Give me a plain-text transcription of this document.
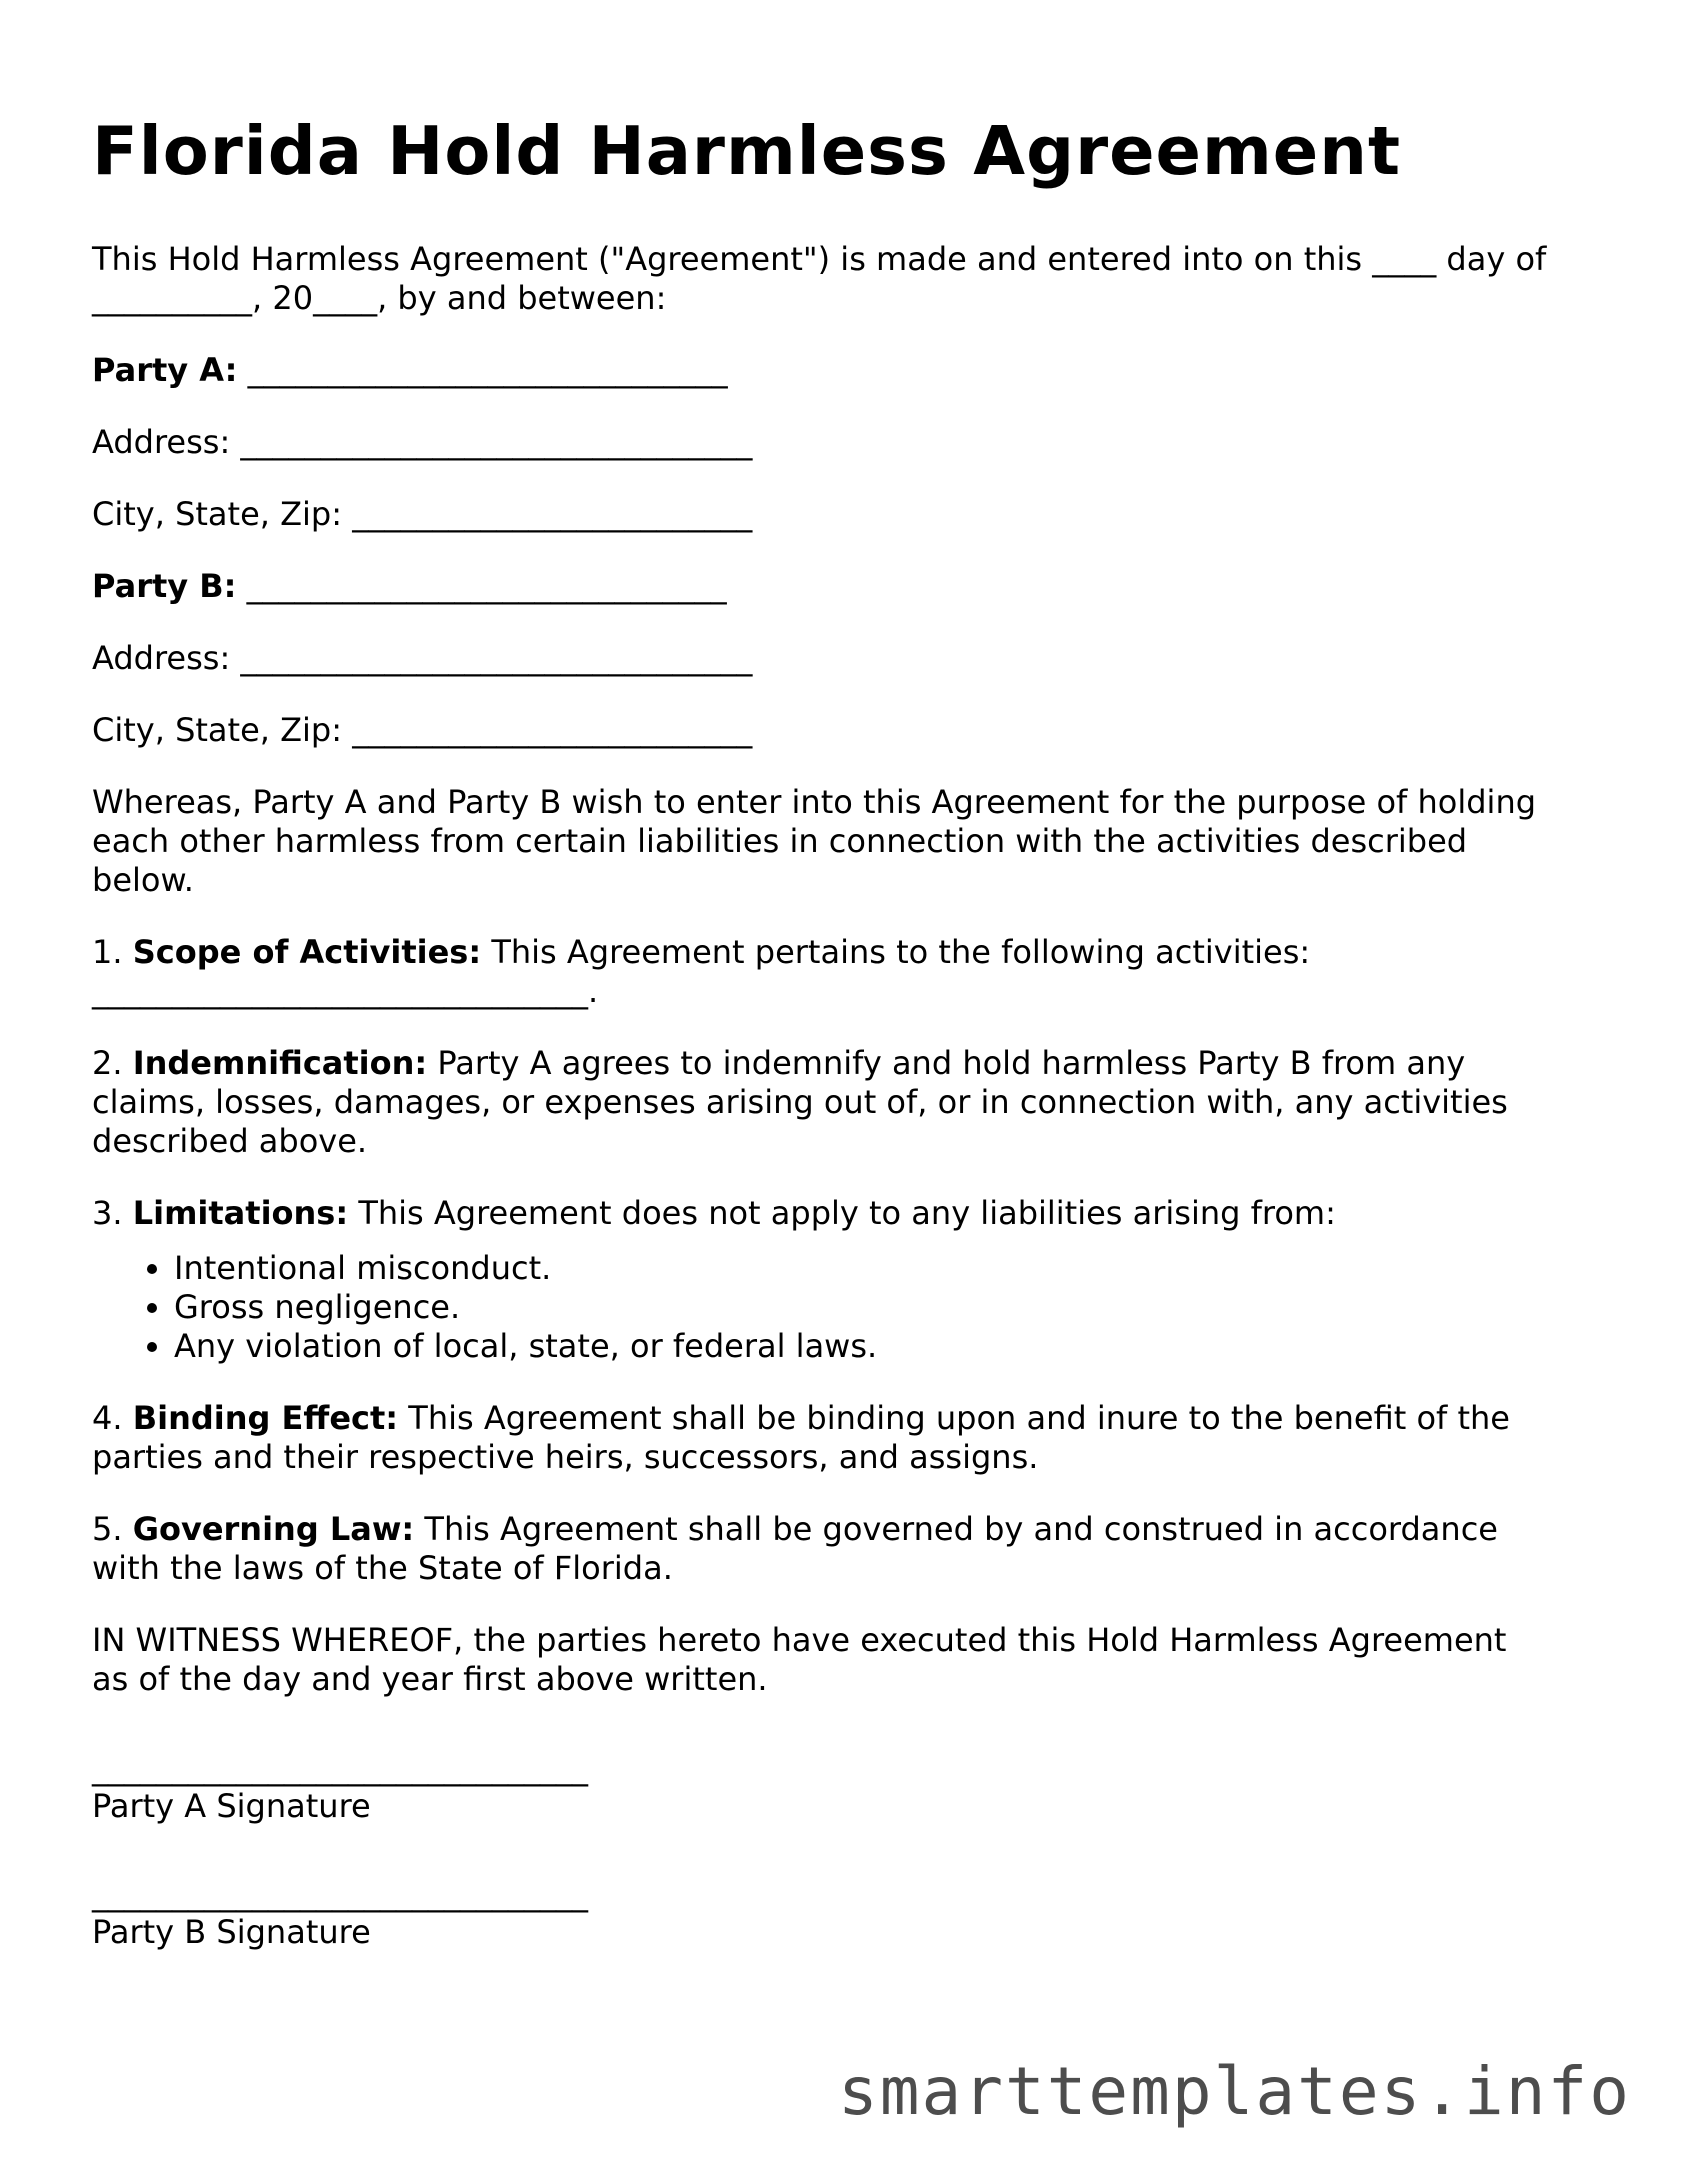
Florida Hold Harmless Agreement

This Hold Harmless Agreement ("Agreement") is made and entered into on this ____ day of
__________, 20____, by and between:

Party A: ______________________________

Address: ________________________________

City, State, Zip: _________________________

Party B: ______________________________

Address: ________________________________

City, State, Zip: _________________________

Whereas, Party A and Party B wish to enter into this Agreement for the purpose of holding
each other harmless from certain liabilities in connection with the activities described
below.

1. Scope of Activities: This Agreement pertains to the following activities:
_______________________________.

2. Indemnification: Party A agrees to indemnify and hold harmless Party B from any
claims, losses, damages, or expenses arising out of, or in connection with, any activities
described above.

3. Limitations: This Agreement does not apply to any liabilities arising from:

• Intentional misconduct.
• Gross negligence.
• Any violation of local, state, or federal laws.

4. Binding Effect: This Agreement shall be binding upon and inure to the benefit of the
parties and their respective heirs, successors, and assigns.

5. Governing Law: This Agreement shall be governed by and construed in accordance
with the laws of the State of Florida.

IN WITNESS WHEREOF, the parties hereto have executed this Hold Harmless Agreement
as of the day and year first above written.

_______________________________
Party A Signature
_______________________________
Party B Signature
smarttemplates.info
